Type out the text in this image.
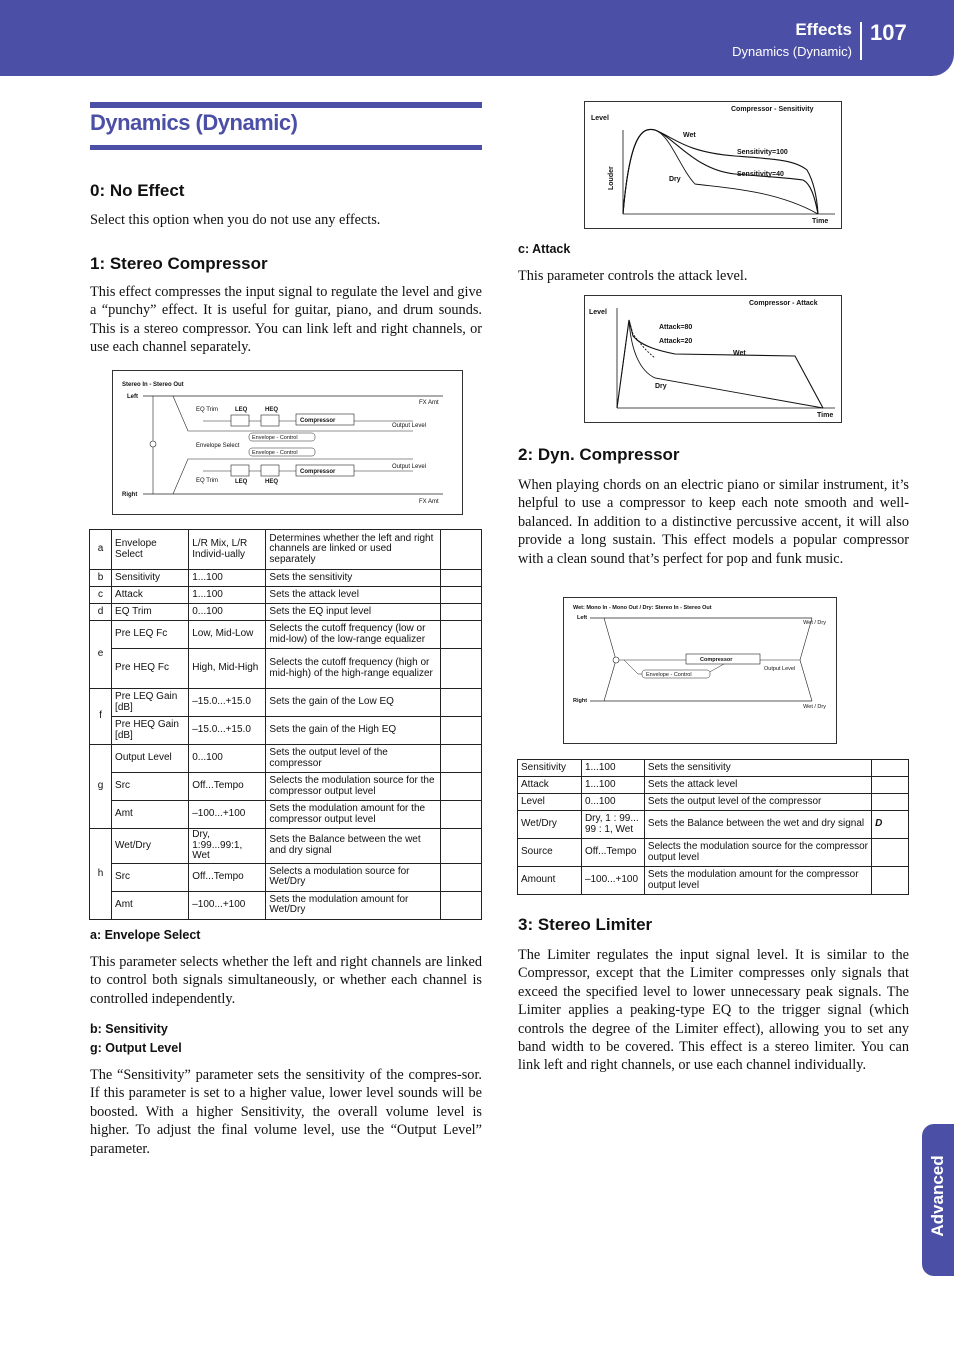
Effects
Dynamics (Dynamic)
107
Advanced
Dynamics (Dynamic)
0: No Effect

Select this option when you do not use any effects.

1: Stereo Compressor

This effect compresses the input signal to regulate the level and give a “punchy” effect. It is useful for guitar, piano, and drum sounds. This is a stereo compressor. You can link left and right channels, or use each channel separately.

Stereo In - Stereo Out
Left
Right
EQ Trim
EQ Trim
LEQ	HEQ
LEQ	HEQ
Compressor
Compressor
Envelope Select
Envelope - Control
Envelope - Control
Output Level
Output Level
FX Amt
FX Amt
a	Envelope Select	L/R Mix, L/R Individ-ually	Determines whether the left and right channels are linked or used separately	
b	Sensitivity	1...100	Sets the sensitivity	
c	Attack	1...100	Sets the attack level	
d	EQ Trim	0...100	Sets the EQ input level	
e	Pre LEQ Fc	Low, Mid-Low	Selects the cutoff frequency (low or mid-low) of the low-range equalizer	
	Pre HEQ Fc	High, Mid-High	Selects the cutoff frequency (high or mid-high) of the high-range equalizer	
f	Pre LEQ Gain [dB]	–15.0...+15.0	Sets the gain of the Low EQ	
	Pre HEQ Gain [dB]	–15.0...+15.0	Sets the gain of the High EQ	
g	Output Level	0...100	Sets the output level of the compressor	
	Src	Off...Tempo	Selects the modulation source for the compressor output level	
	Amt	–100...+100	Sets the modulation amount for the compressor output level	
h	Wet/Dry	Dry, 1:99...99:1, Wet	Sets the Balance between the wet and dry signal	
	Src	Off...Tempo	Selects a modulation source for Wet/Dry	
	Amt	–100...+100	Sets the modulation amount for Wet/Dry	

a: Envelope Select

This parameter selects whether the left and right channels are linked to control both signals simultaneously, or whether each channel is controlled independently.

b: Sensitivity

g: Output Level

The “Sensitivity” parameter sets the sensitivity of the compres-sor. If this parameter is set to a higher value, lower level sounds will be boosted. With a higher Sensitivity, the overall volume level is higher. To adjust the final volume level, use the “Output Level” parameter.

Compressor - Sensitivity
Level
Time
Louder
Wet
Dry
Sensitivity=100
Sensitivity=40

c: Attack

This parameter controls the attack level.

Compressor - Attack
Level
Time
Attack=80
Attack=20
Wet
Dry
2: Dyn. Compressor

When playing chords on an electric piano or similar instrument, it’s helpful to use a compressor to keep each note smooth and well-balanced. In addition to a distinctive percussive accent, it will also provide a long sustain. This effect models a popular compressor with a clean sound that’s perfect for pop and funk music.

Wet: Mono In - Mono Out / Dry: Stereo In - Stereo Out
Left
Right
Compressor
Envelope - Control
Output Level
Wet / Dry
Wet / Dry
Sensitivity	1...100	Sets the sensitivity	
Attack	1...100	Sets the attack level	
Level	0...100	Sets the output level of the compressor	
Wet/Dry	Dry, 1 : 99... 99 : 1, Wet	Sets the Balance between the wet and dry signal	D
Source	Off...Tempo	Selects the modulation source for the compressor output level	
Amount	–100...+100	Sets the modulation amount for the compressor output level	
3: Stereo Limiter

The Limiter regulates the input signal level. It is similar to the Compressor, except that the Limiter compresses only signals that exceed the specified level to lower unnecessary peak signals. The Limiter applies a peaking-type EQ to the trigger signal (which controls the degree of the Limiter effect), allowing you to set any band width to be covered. This effect is a stereo limiter. You can link left and right channels, or use each channel individually.
